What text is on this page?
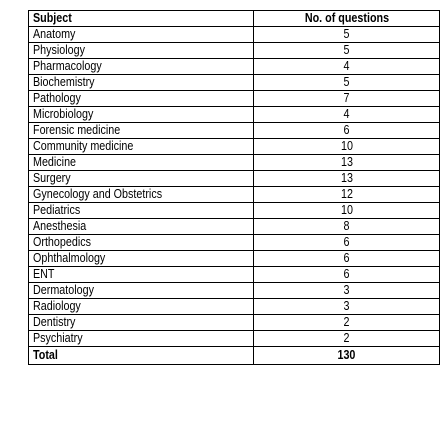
Subject	No. of questions
Anatomy	5
Physiology	5
Pharmacology	4
Biochemistry	5
Pathology	7
Microbiology	4
Forensic medicine	6
Community medicine	10
Medicine	13
Surgery	13
Gynecology and Obstetrics	12
Pediatrics	10
Anesthesia	8
Orthopedics	6
Ophthalmology	6
ENT	6
Dermatology	3
Radiology	3
Dentistry	2
Psychiatry	2
Total	130
